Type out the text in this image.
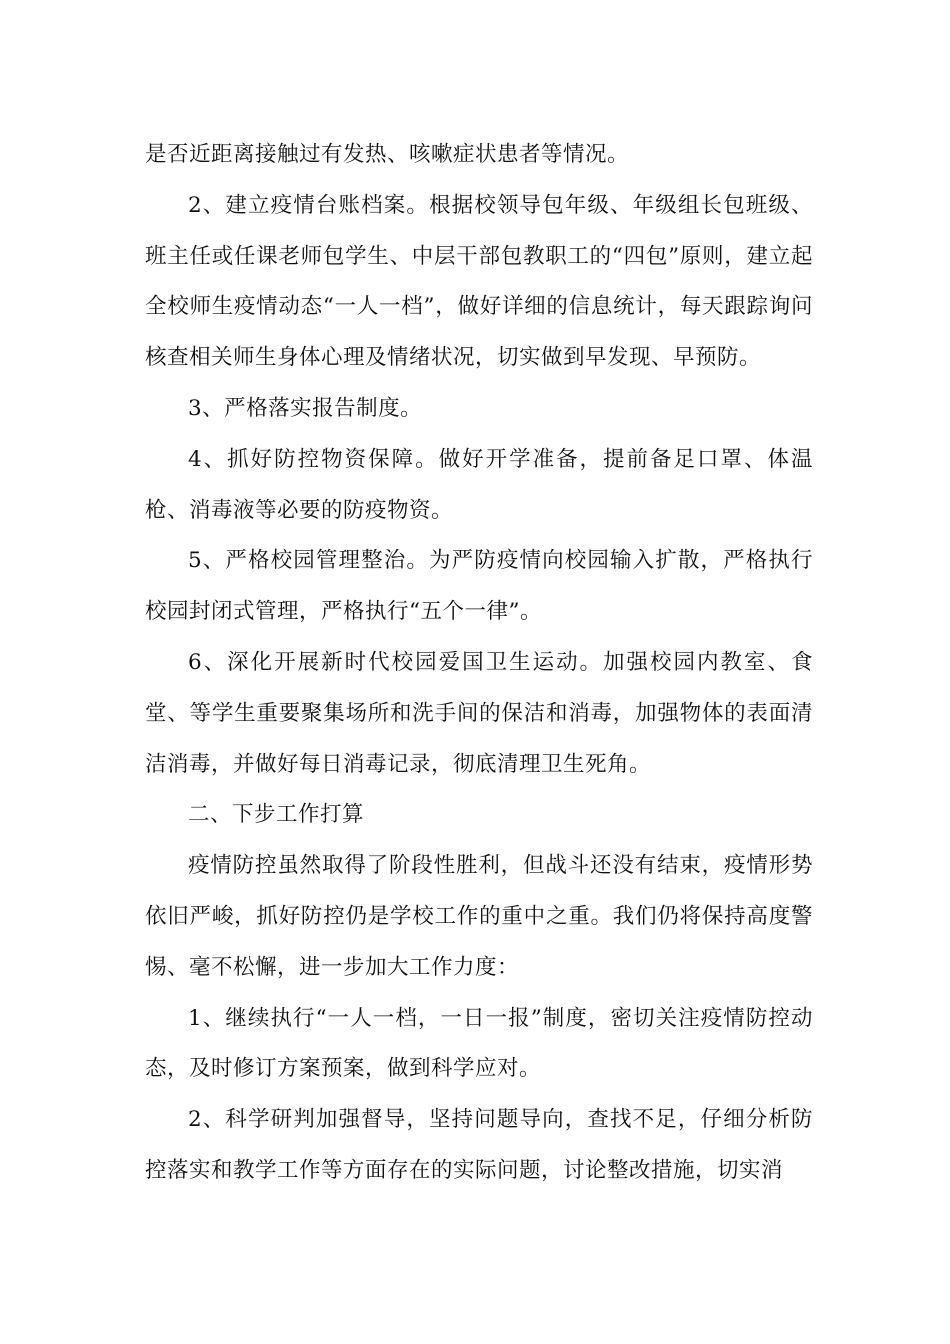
是否近距离接触过有发热、咳嗽症状患者等情况。

2、建立疫情台账档案。根据校领导包年级、年级组长包班级、班主任或任课老师包学生、中层干部包教职工的“四包”原则，建立起全校师生疫情动态“一人一档”，做好详细的信息统计，每天跟踪询问核查相关师生身体心理及情绪状况，切实做到早发现、早预防。

3、严格落实报告制度。

4、抓好防控物资保障。做好开学准备，提前备足口罩、体温枪、消毒液等必要的防疫物资。

5、严格校园管理整治。为严防疫情向校园输入扩散，严格执行校园封闭式管理，严格执行“五个一律”。

6、深化开展新时代校园爱国卫生运动。加强校园内教室、食堂、等学生重要聚集场所和洗手间的保洁和消毒，加强物体的表面清洁消毒，并做好每日消毒记录，彻底清理卫生死角。

二、下步工作打算

疫情防控虽然取得了阶段性胜利，但战斗还没有结束，疫情形势依旧严峻，抓好防控仍是学校工作的重中之重。我们仍将保持高度警惕、毫不松懈，进一步加大工作力度：

1、继续执行“一人一档，一日一报”制度，密切关注疫情防控动态，及时修订方案预案，做到科学应对。

2、科学研判加强督导，坚持问题导向，查找不足，仔细分析防控落实和教学工作等方面存在的实际问题，讨论整改措施，切实消
